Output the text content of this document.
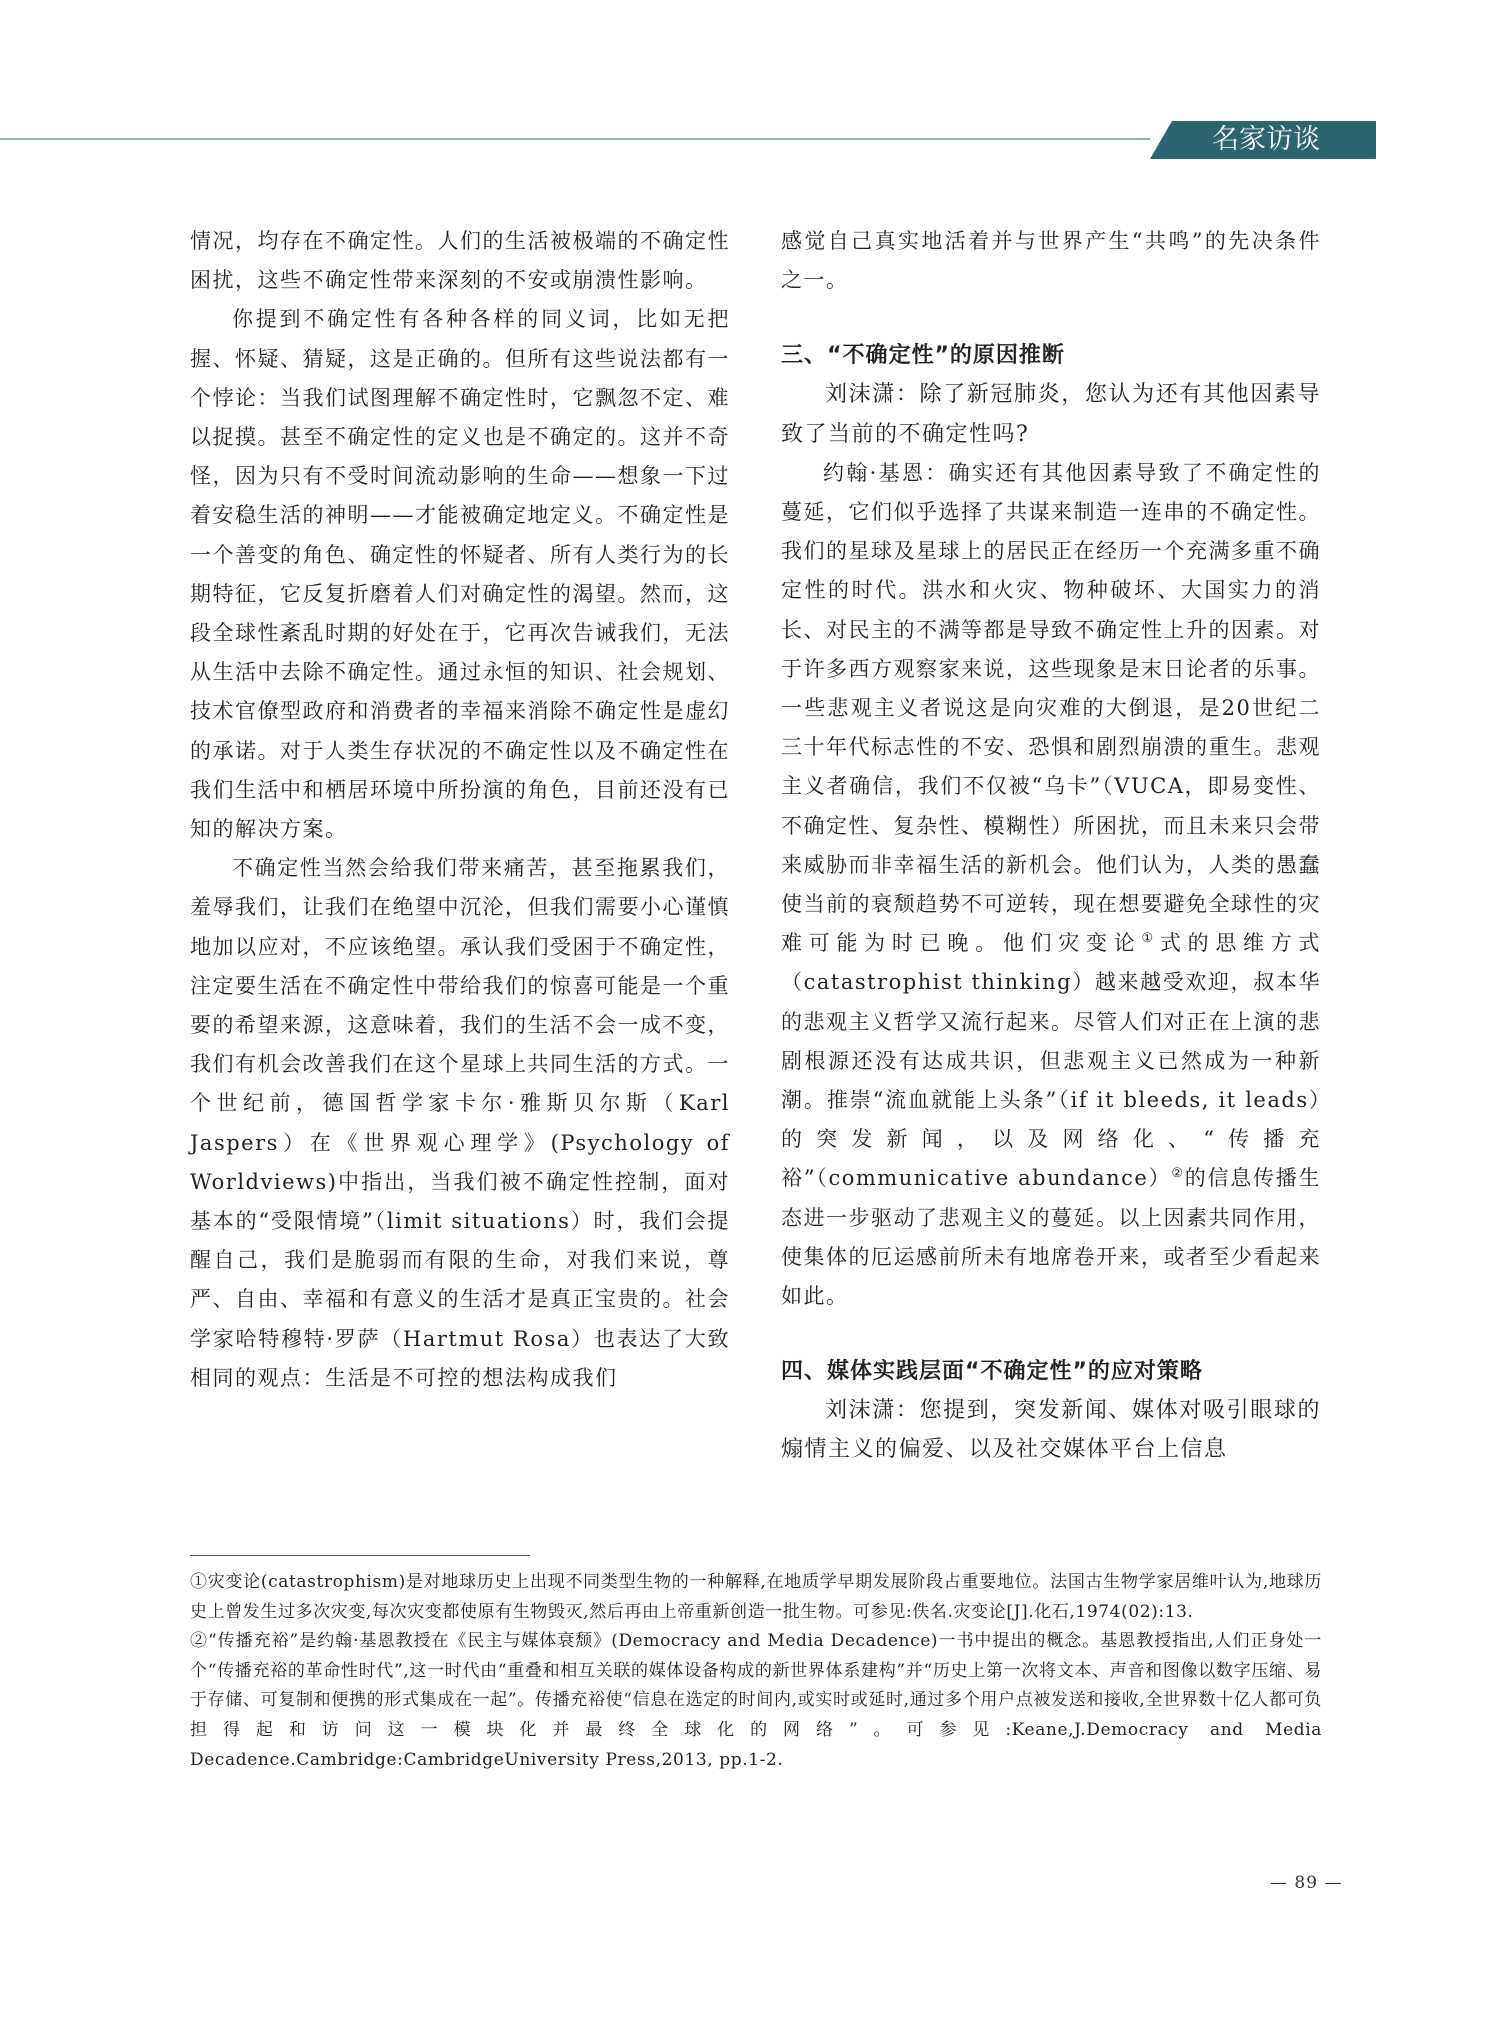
名家访谈

情况，均存在不确定性。人们的生活被极端的不确定性困扰，这些不确定性带来深刻的不安或崩溃性影响。

你提到不确定性有各种各样的同义词，比如无把握、怀疑、猜疑，这是正确的。但所有这些说法都有一个悖论：当我们试图理解不确定性时，它飘忽不定、难以捉摸。甚至不确定性的定义也是不确定的。这并不奇怪，因为只有不受时间流动影响的生命——想象一下过着安稳生活的神明——才能被确定地定义。不确定性是一个善变的角色、确定性的怀疑者、所有人类行为的长期特征，它反复折磨着人们对确定性的渴望。然而，这段全球性紊乱时期的好处在于，它再次告诫我们，无法从生活中去除不确定性。通过永恒的知识、社会规划、技术官僚型政府和消费者的幸福来消除不确定性是虚幻的承诺。对于人类生存状况的不确定性以及不确定性在我们生活中和栖居环境中所扮演的角色，目前还没有已知的解决方案。

不确定性当然会给我们带来痛苦，甚至拖累我们，羞辱我们，让我们在绝望中沉沦，但我们需要小心谨慎地加以应对，不应该绝望。承认我们受困于不确定性，注定要生活在不确定性中带给我们的惊喜可能是一个重要的希望来源，这意味着，我们的生活不会一成不变，我们有机会改善我们在这个星球上共同生活的方式。一个世纪前，德国哲学家卡尔·雅斯贝尔斯（Karl Jaspers）在《世界观心理学》(Psychology of Worldviews)中指出，当我们被不确定性控制，面对基本的“受限情境”（limit situations）时，我们会提醒自己，我们是脆弱而有限的生命，对我们来说，尊严、自由、幸福和有意义的生活才是真正宝贵的。社会学家哈特穆特·罗萨（Hartmut Rosa）也表达了大致相同的观点：生活是不可控的想法构成我们

感觉自己真实地活着并与世界产生“共鸣”的先决条件之一。

三、“不确定性”的原因推断

刘沫潇：除了新冠肺炎，您认为还有其他因素导致了当前的不确定性吗?

约翰·基恩：确实还有其他因素导致了不确定性的蔓延，它们似乎选择了共谋来制造一连串的不确定性。我们的星球及星球上的居民正在经历一个充满多重不确定性的时代。洪水和火灾、物种破坏、大国实力的消长、对民主的不满等都是导致不确定性上升的因素。对于许多西方观察家来说，这些现象是末日论者的乐事。一些悲观主义者说这是向灾难的大倒退，是20世纪二三十年代标志性的不安、恐惧和剧烈崩溃的重生。悲观主义者确信，我们不仅被“乌卡”（VUCA，即易变性、不确定性、复杂性、模糊性）所困扰，而且未来只会带来威胁而非幸福生活的新机会。他们认为，人类的愚蠢使当前的衰颓趋势不可逆转，现在想要避免全球性的灾难可能为时已晚。他们灾变论①式的思维方式（catastrophist thinking）越来越受欢迎，叔本华的悲观主义哲学又流行起来。尽管人们对正在上演的悲剧根源还没有达成共识，但悲观主义已然成为一种新潮。推崇“流血就能上头条”（if it bleeds, it leads）的突发新闻，以及网络化、“传播充裕”（communicative abundance）②的信息传播生态进一步驱动了悲观主义的蔓延。以上因素共同作用，使集体的厄运感前所未有地席卷开来，或者至少看起来如此。

四、媒体实践层面“不确定性”的应对策略

刘沫潇：您提到，突发新闻、媒体对吸引眼球的煽情主义的偏爱、以及社交媒体平台上信息

①灾变论(catastrophism)是对地球历史上出现不同类型生物的一种解释,在地质学早期发展阶段占重要地位。法国古生物学家居维叶认为,地球历史上曾发生过多次灾变,每次灾变都使原有生物毁灭,然后再由上帝重新创造一批生物。可参见:佚名.灾变论[J].化石,1974(02):13.

②“传播充裕”是约翰·基恩教授在《民主与媒体衰颓》(Democracy and Media Decadence)一书中提出的概念。基恩教授指出,人们正身处一个“传播充裕的革命性时代”,这一时代由“重叠和相互关联的媒体设备构成的新世界体系建构”并“历史上第一次将文本、声音和图像以数字压缩、易于存储、可复制和便携的形式集成在一起”。传播充裕使“信息在选定的时间内,或实时或延时,通过多个用户点被发送和接收,全世界数十亿人都可负担得起和访问这一模块化并最终全球化的网络”。可参见:Keane,J.Democracy and Media Decadence.Cambridge:CambridgeUniversity Press,2013, pp.1-2.

— 89 —
